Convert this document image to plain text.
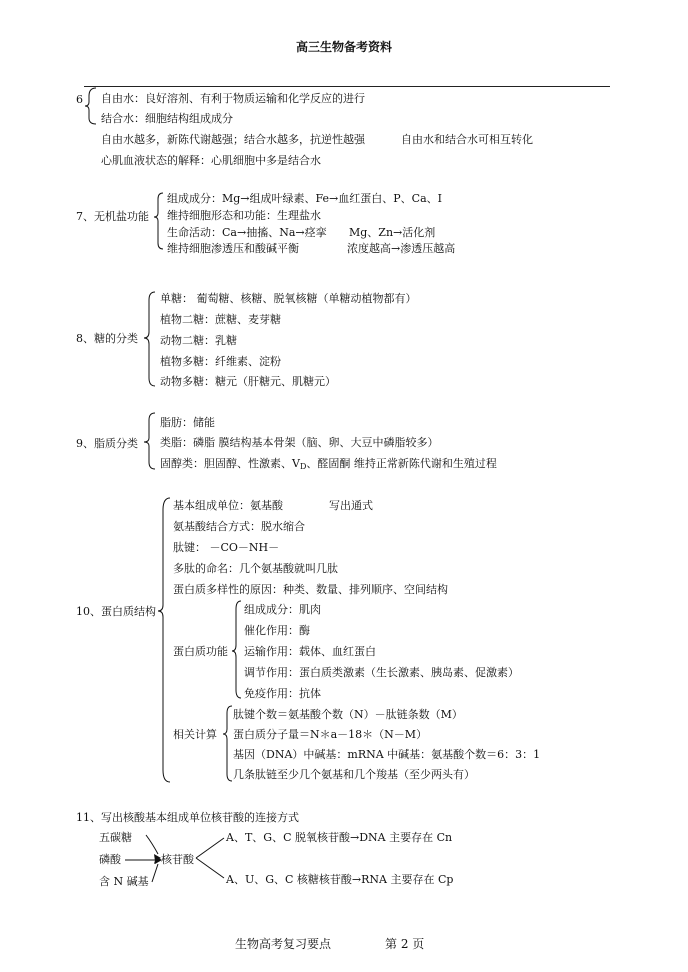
高三生物备考资料
6 自由水：良好溶剂、有利于物质运输和化学反应的进行
结合水：细胞结构组成成分
自由水越多，新陈代谢越强；结合水越多，抗逆性越强	自由水和结合水可相互转化
心肌血液状态的解释：心肌细胞中多是结合水
7、无机盐功能
组成成分：Mg→组成叶绿素、Fe→血红蛋白、P、Ca、I
维持细胞形态和功能：生理盐水
生命活动：Ca→抽搐、Na→痉挛 Mg、Zn→活化剂
维持细胞渗透压和酸碱平衡	浓度越高→渗透压越高
8、糖的分类
单糖： 葡萄糖、核糖、脱氧核糖（单糖动植物都有）
植物二糖：蔗糖、麦芽糖
动物二糖：乳糖
植物多糖：纤维素、淀粉
动物多糖：糖元（肝糖元、肌糖元）
9、脂质分类
脂肪：储能
类脂：磷脂 膜结构基本骨架（脑、卵、大豆中磷脂较多）
固醇类：胆固醇、性激素、$V_D$、醛固酮 维持正常新陈代谢和生殖过程
10、蛋白质结构
基本组成单位：氨基酸	写出通式
氨基酸结合方式：脱水缩合
肽键： －CO－NH－
多肽的命名：几个氨基酸就叫几肽
蛋白质多样性的原因：种类、数量、排列顺序、空间结构
蛋白质功能
组成成分：肌肉
催化作用：酶
运输作用：载体、血红蛋白
调节作用：蛋白质类激素（生长激素、胰岛素、促激素）
免疫作用：抗体
相关计算
肽键个数＝氨基酸个数（N）－肽链条数（M）
蛋白质分子量＝N＊a－18＊（N－M）
基因（DNA）中碱基：mRNA 中碱基：氨基酸个数＝6：3：1
几条肽链至少几个氨基和几个羧基（至少两头有）
11、写出核酸基本组成单位核苷酸的连接方式
五碳糖
磷酸
含 N 碱基
核苷酸
A、T、G、C 脱氧核苷酸→DNA 主要存在 Cn
A、U、G、C 核糖核苷酸→RNA 主要存在 Cp
生物高考复习要点	第 2 页
